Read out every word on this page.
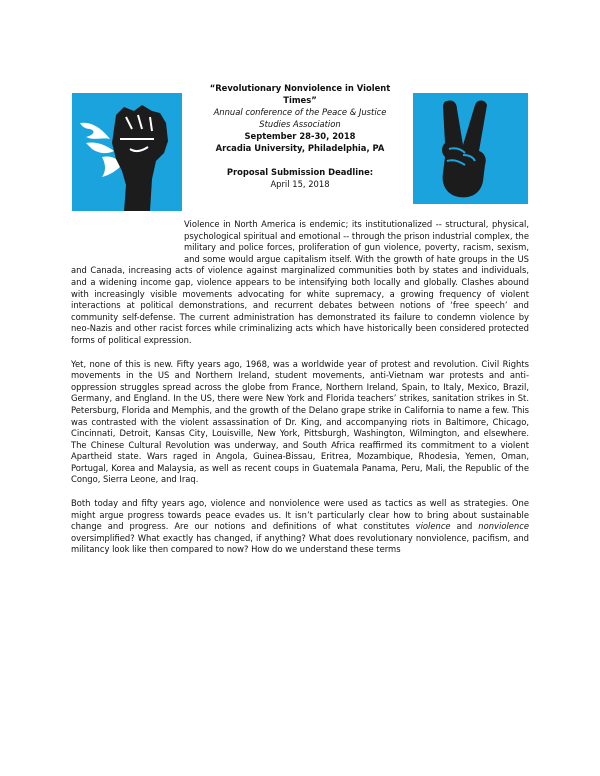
“Revolutionary Nonviolence in Violent
Times”
Annual conference of the Peace & Justice
Studies Association
September 28-30, 2018
Arcadia University, Philadelphia, PA
Proposal Submission Deadline:
April 15, 2018

Violence in North America is endemic; its institutionalized -- structural, physical, psychological spiritual and emotional -- through the prison industrial complex, the military and police forces, proliferation of gun violence, poverty, racism, sexism, and some would argue capitalism itself. With the growth of hate groups in the US and Canada, increasing acts of violence against marginalized communities both by states and individuals, and a widening income gap, violence appears to be intensifying both locally and globally. Clashes abound with increasingly visible movements advocating for white supremacy, a growing frequency of violent interactions at political demonstrations, and recurrent debates between notions of ‘free speech’ and community self-defense. The current administration has demonstrated its failure to condemn violence by neo-Nazis and other racist forces while criminalizing acts which have historically been considered protected forms of political expression.

Yet, none of this is new. Fifty years ago, 1968, was a worldwide year of protest and revolution. Civil Rights movements in the US and Northern Ireland, student movements, anti-Vietnam war protests and anti-oppression struggles spread across the globe from France, Northern Ireland, Spain, to Italy, Mexico, Brazil, Germany, and England. In the US, there were New York and Florida teachers’ strikes, sanitation strikes in St. Petersburg, Florida and Memphis, and the growth of the Delano grape strike in California to name a few. This was contrasted with the violent assassination of Dr. King, and accompanying riots in Baltimore, Chicago, Cincinnati, Detroit, Kansas City, Louisville, New York, Pittsburgh, Washington, Wilmington, and elsewhere. The Chinese Cultural Revolution was underway, and South Africa reaffirmed its commitment to a violent Apartheid state. Wars raged in Angola, Guinea-Bissau, Eritrea, Mozambique, Rhodesia, Yemen, Oman, Portugal, Korea and Malaysia, as well as recent coups in Guatemala Panama, Peru, Mali, the Republic of the Congo, Sierra Leone, and Iraq.

Both today and fifty years ago, violence and nonviolence were used as tactics as well as strategies. One might argue progress towards peace evades us. It isn’t particularly clear how to bring about sustainable change and progress. Are our notions and definitions of what constitutes violence and nonviolence oversimplified? What exactly has changed, if anything? What does revolutionary nonviolence, pacifism, and militancy look like then compared to now? How do we understand these terms
